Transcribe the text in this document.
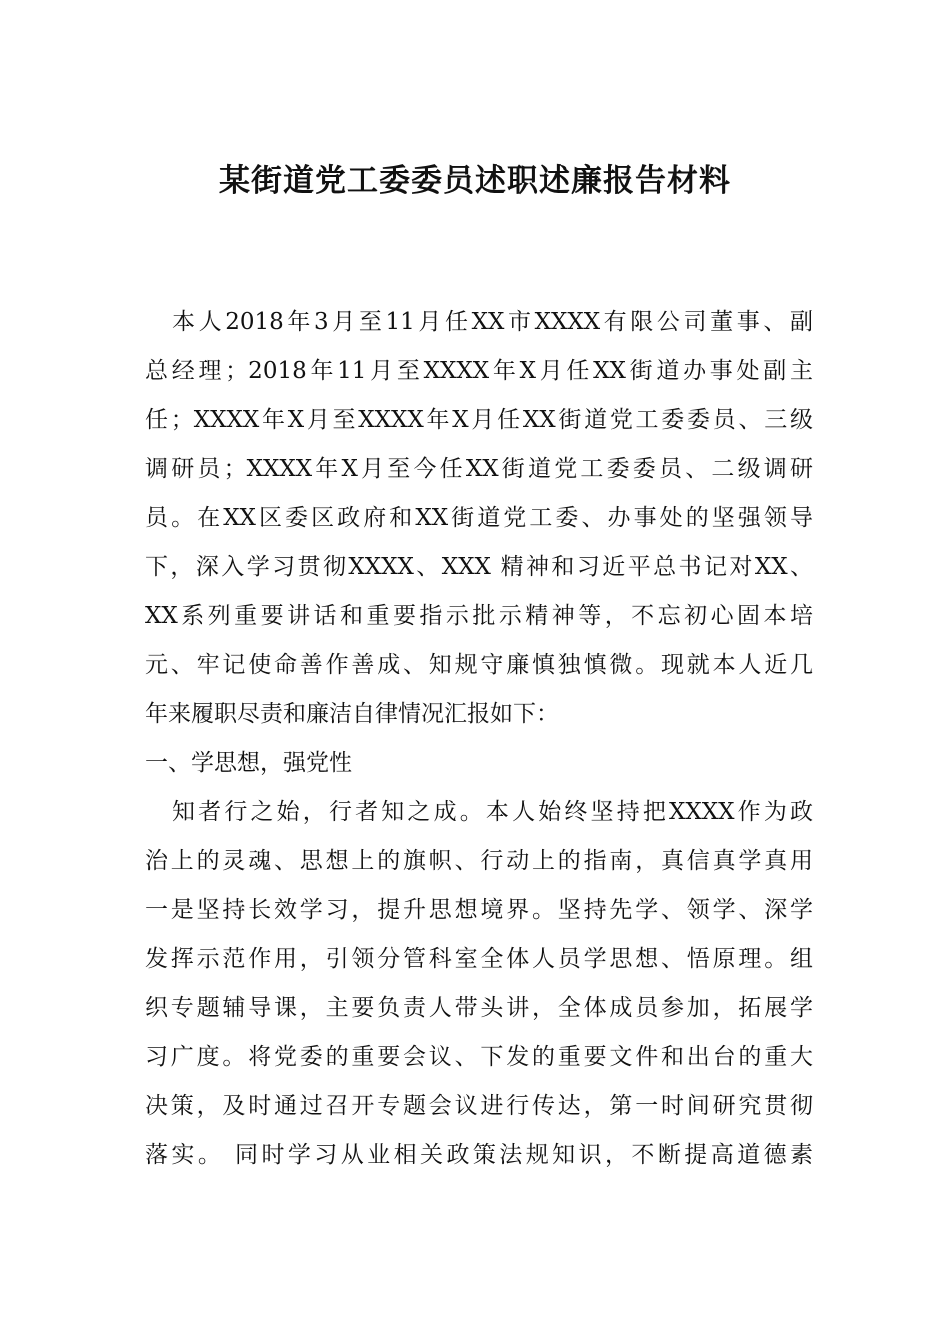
某街道党工委委员述职述廉报告材料
本人2018年3月至11月任XX市XXXX有限公司董事、副
总经理；2018年11月至XXXX年X月任XX街道办事处副主
任；XXXX年X月至XXXX年X月任XX街道党工委委员、三级
调研员；XXXX年X月至今任XX街道党工委委员、二级调研
员。在XX区委区政府和XX街道党工委、办事处的坚强领导
下，深入学习贯彻XXXX、XXX 精神和习近平总书记对XX、
XX系列重要讲话和重要指示批示精神等，不忘初心固本培
元、牢记使命善作善成、知规守廉慎独慎微。现就本人近几
年来履职尽责和廉洁自律情况汇报如下：
一、学思想，强党性
知者行之始，行者知之成。本人始终坚持把XXXX作为政
治上的灵魂、思想上的旗帜、行动上的指南，真信真学真用
一是坚持长效学习，提升思想境界。坚持先学、领学、深学
发挥示范作用，引领分管科室全体人员学思想、悟原理。组
织专题辅导课，主要负责人带头讲，全体成员参加，拓展学
习广度。将党委的重要会议、下发的重要文件和出台的重大
决策，及时通过召开专题会议进行传达，第一时间研究贯彻
落实。 同时学习从业相关政策法规知识，不断提高道德素
